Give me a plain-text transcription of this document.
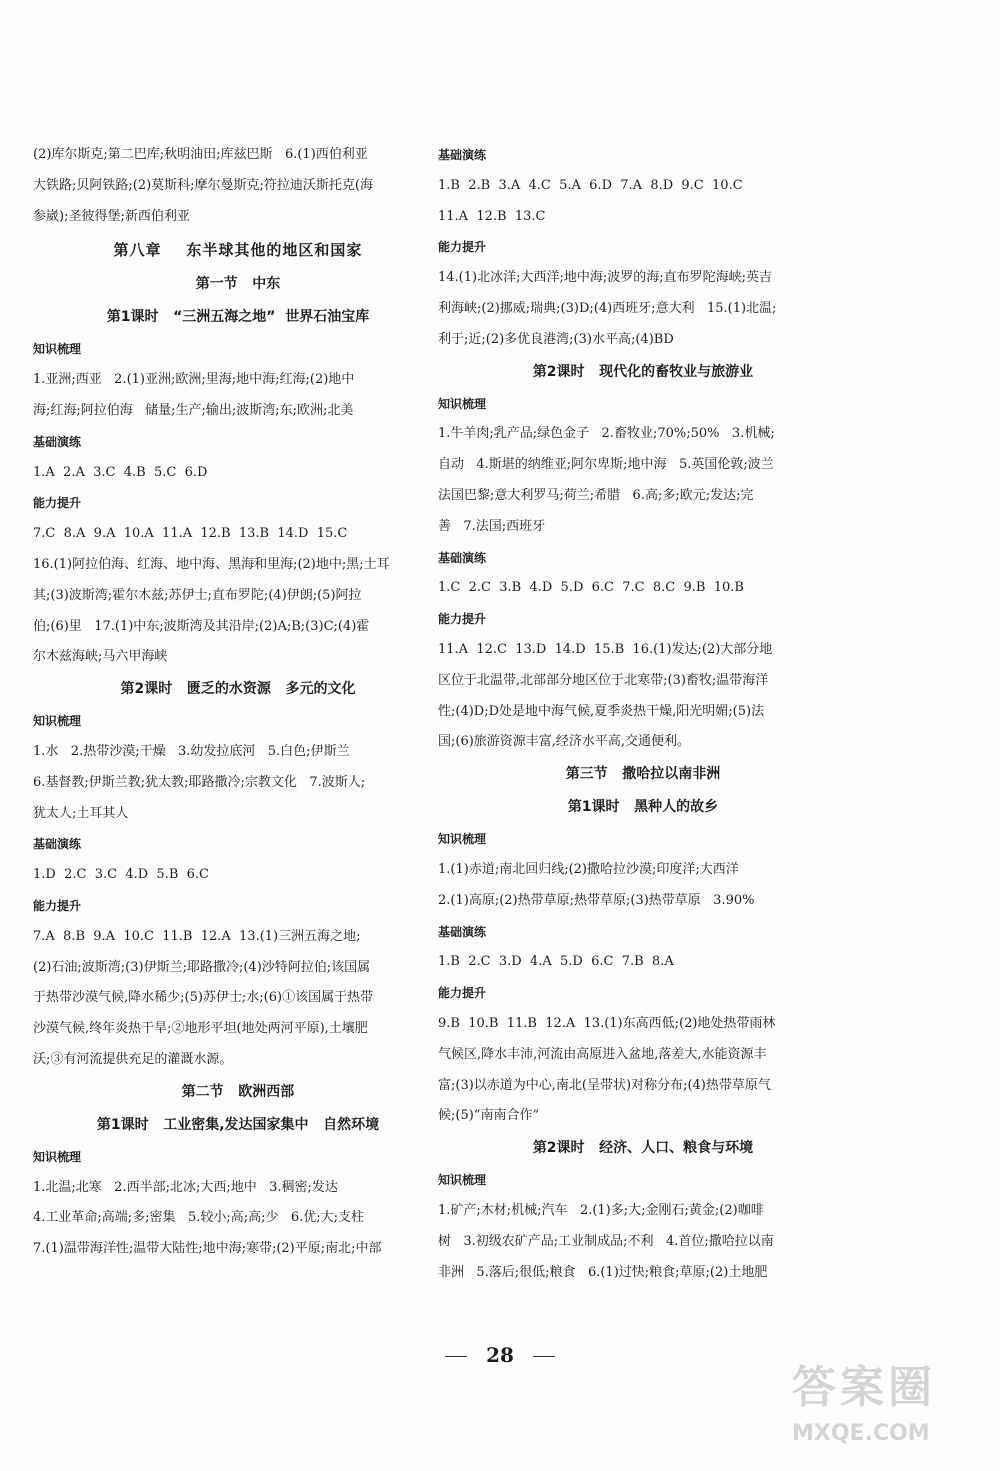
(2)库尔斯克;第二巴库;秋明油田;库兹巴斯   6.(1)西伯利亚

大铁路;贝阿铁路;(2)莫斯科;摩尔曼斯克;符拉迪沃斯托克(海

参崴);圣彼得堡;新西伯利亚

第八章    东半球其他的地区和国家

第一节   中东

第1课时   “三洲五海之地”  世界石油宝库

知识梳理

1.亚洲;西亚   2.(1)亚洲;欧洲;里海;地中海;红海;(2)地中

海;红海;阿拉伯海   储量;生产;输出;波斯湾;东;欧洲;北美

基础演练

1.A  2.A  3.C  4.B  5.C  6.D

能力提升

7.C  8.A  9.A  10.A  11.A  12.B  13.B  14.D  15.C

16.(1)阿拉伯海、红海、地中海、黑海和里海;(2)地中;黑;土耳

其;(3)波斯湾;霍尔木兹;苏伊士;直布罗陀;(4)伊朗;(5)阿拉

伯;(6)里   17.(1)中东;波斯湾及其沿岸;(2)A;B;(3)C;(4)霍

尔木兹海峡;马六甲海峡

第2课时   匮乏的水资源   多元的文化

知识梳理

1.水   2.热带沙漠;干燥   3.幼发拉底河   5.白色;伊斯兰

6.基督教;伊斯兰教;犹太教;耶路撒冷;宗教文化   7.波斯人;

犹太人;土耳其人

基础演练

1.D  2.C  3.C  4.D  5.B  6.C

能力提升

7.A  8.B  9.A  10.C  11.B  12.A  13.(1)三洲五海之地;

(2)石油;波斯湾;(3)伊斯兰;耶路撒冷;(4)沙特阿拉伯;该国属

于热带沙漠气候,降水稀少;(5)苏伊士;水;(6)①该国属于热带

沙漠气候,终年炎热干旱;②地形平坦(地处两河平原),土壤肥

沃;③有河流提供充足的灌溉水源。

第二节   欧洲西部

第1课时   工业密集,发达国家集中   自然环境

知识梳理

1.北温;北寒   2.西半部;北冰;大西;地中   3.稠密;发达

4.工业革命;高端;多;密集   5.较小;高;高;少   6.优;大;支柱

7.(1)温带海洋性;温带大陆性;地中海;寒带;(2)平原;南北;中部

基础演练

1.B  2.B  3.A  4.C  5.A  6.D  7.A  8.D  9.C  10.C

11.A  12.B  13.C

能力提升

14.(1)北冰洋;大西洋;地中海;波罗的海;直布罗陀海峡;英吉

利海峡;(2)挪威;瑞典;(3)D;(4)西班牙;意大利   15.(1)北温;

利于;近;(2)多优良港湾;(3)水平高;(4)BD

第2课时   现代化的畜牧业与旅游业

知识梳理

1.牛羊肉;乳产品;绿色金子   2.畜牧业;70%;50%   3.机械;

自动   4.斯堪的纳维亚;阿尔卑斯;地中海   5.英国伦敦;波兰

法国巴黎;意大利罗马;荷兰;希腊   6.高;多;欧元;发达;完

善   7.法国;西班牙

基础演练

1.C  2.C  3.B  4.D  5.D  6.C  7.C  8.C  9.B  10.B

能力提升

11.A  12.C  13.D  14.D  15.B  16.(1)发达;(2)大部分地

区位于北温带,北部部分地区位于北寒带;(3)畜牧;温带海洋

性;(4)D;D处是地中海气候,夏季炎热干燥,阳光明媚;(5)法

国;(6)旅游资源丰富,经济水平高,交通便利。

第三节   撒哈拉以南非洲

第1课时   黑种人的故乡

知识梳理

1.(1)赤道;南北回归线;(2)撒哈拉沙漠;印度洋;大西洋

2.(1)高原;(2)热带草原;热带草原;(3)热带草原   3.90%

基础演练

1.B  2.C  3.D  4.A  5.D  6.C  7.B  8.A

能力提升

9.B  10.B  11.B  12.A  13.(1)东高西低;(2)地处热带雨林

气候区,降水丰沛,河流由高原进入盆地,落差大,水能资源丰

富;(3)以赤道为中心,南北(呈带状)对称分布;(4)热带草原气

候;(5)“南南合作”

第2课时   经济、人口、粮食与环境

知识梳理

1.矿产;木材;机械;汽车   2.(1)多;大;金刚石;黄金;(2)咖啡

树   3.初级农矿产品;工业制成品;不利   4.首位;撒哈拉以南

非洲   5.落后;很低;粮食   6.(1)过快;粮食;草原;(2)土地肥

28
答案圈
MXQE.COM
